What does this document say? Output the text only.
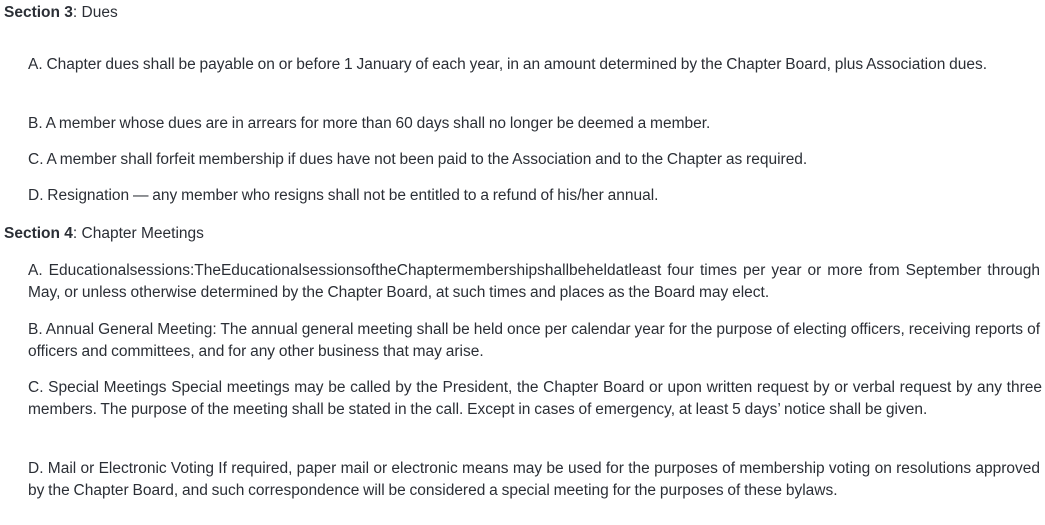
Section 3: Dues

A. Chapter dues shall be payable on or before 1 January of each year, in an amount determined by the Chapter Board, plus Association dues.

B. A member whose dues are in arrears for more than 60 days shall no longer be deemed a member.

C. A member shall forfeit membership if dues have not been paid to the Association and to the Chapter as required.

D. Resignation — any member who resigns shall not be entitled to a refund of his/her annual.

Section 4: Chapter Meetings

A. Educationalsessions:TheEducationalsessionsoftheChaptermembershipshallbeheldatleast four times per year or more from September through May, or unless otherwise determined by the Chapter Board, at such times and places as the Board may elect.

B. Annual General Meeting: The annual general meeting shall be held once per calendar year for the purpose of electing officers, receiving reports of officers and committees, and for any other business that may arise.

C. Special Meetings Special meetings may be called by the President, the Chapter Board or upon written request by or verbal request by any three members. The purpose of the meeting shall be stated in the call. Except in cases of emergency, at least 5 days’ notice shall be given.

D. Mail or Electronic Voting If required, paper mail or electronic means may be used for the purposes of membership voting on resolutions approved by the Chapter Board, and such correspondence will be considered a special meeting for the purposes of these bylaws.
